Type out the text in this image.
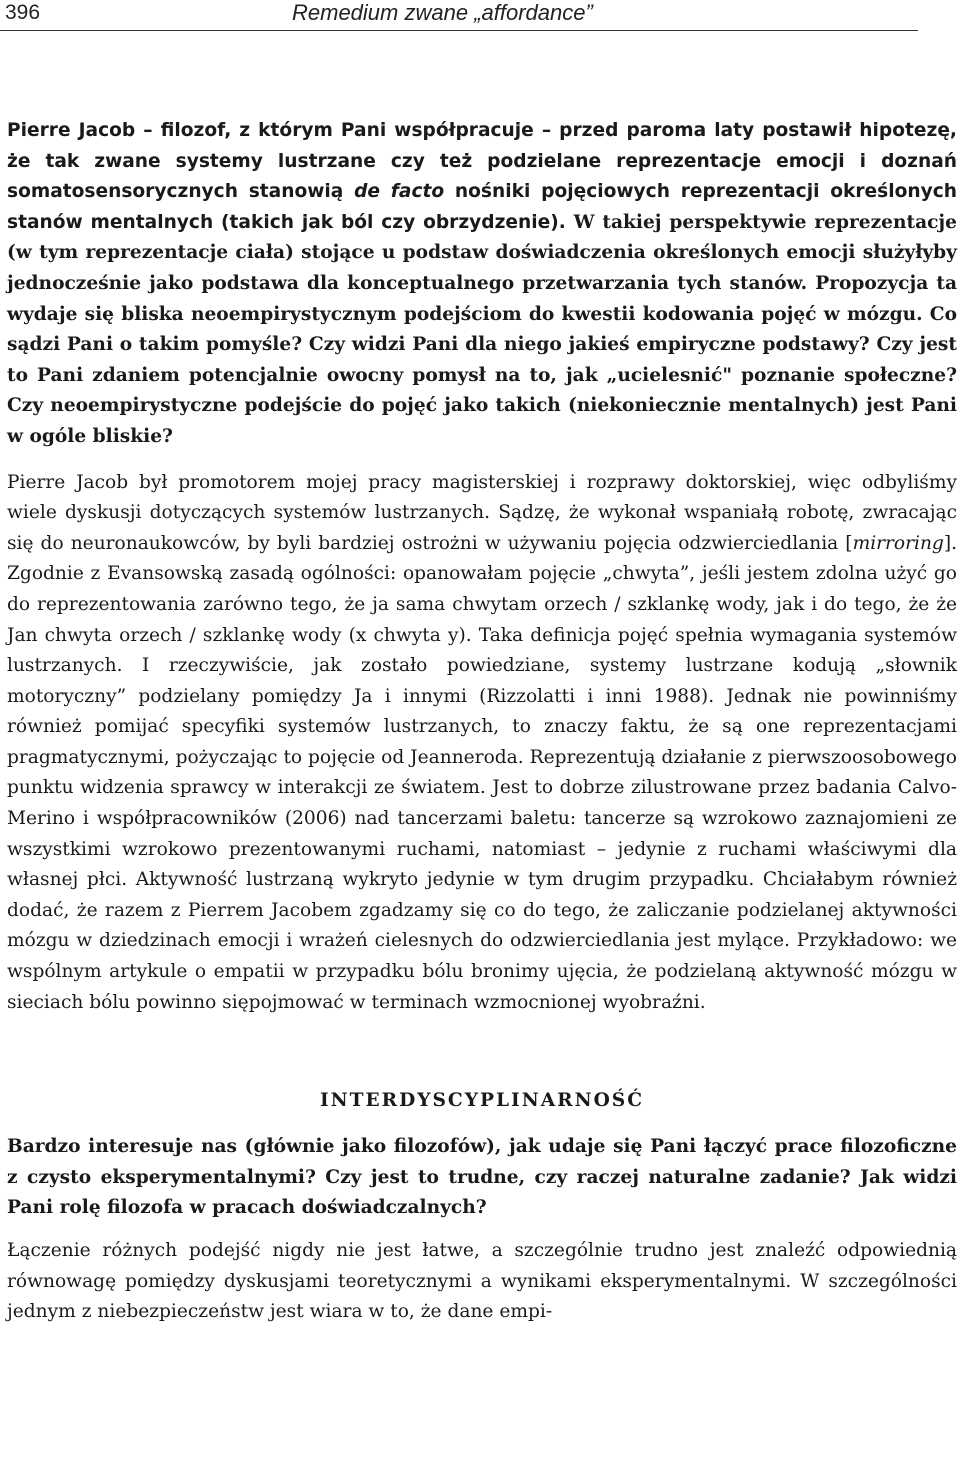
396	Remedium zwane „affordance”

Pierre Jacob – filozof, z którym Pani współpracuje – przed paroma laty postawił hipotezę, że tak zwane systemy lustrzane czy też podzielane reprezentacje emocji i doznań somatosensorycznych stanowią de facto nośniki pojęciowych reprezentacji określonych stanów mentalnych (takich jak ból czy obrzydzenie). W takiej perspektywie reprezentacje (w tym reprezentacje ciała) stojące u podstaw doświadczenia określonych emocji służyłyby jednocześnie jako podstawa dla konceptualnego przetwarzania tych stanów. Propozycja ta wydaje się bliska neoempirystycznym podejściom do kwestii kodowania pojęć w mózgu. Co sądzi Pani o takim pomyśle? Czy widzi Pani dla niego jakieś empiryczne podstawy? Czy jest to Pani zdaniem potencjalnie owocny pomysł na to, jak „ucielesnić" poznanie społeczne? Czy neoempirystyczne podejście do pojęć jako takich (niekoniecznie mentalnych) jest Pani w ogóle bliskie?

Pierre Jacob był promotorem mojej pracy magisterskiej i rozprawy doktorskiej, więc odbyliśmy wiele dyskusji dotyczących systemów lustrzanych. Sądzę, że wykonał wspaniałą robotę, zwracając się do neuronaukowców, by byli bardziej ostrożni w używaniu pojęcia odzwierciedlania [mirroring]. Zgodnie z Evansowską zasadą ogólności: opanowałam pojęcie „chwyta”, jeśli jestem zdolna użyć go do reprezentowania zarówno tego, że ja sama chwytam orzech / szklankę wody, jak i do tego, że że Jan chwyta orzech / szklankę wody (x chwyta y). Taka definicja pojęć spełnia wymagania systemów lustrzanych. I rzeczywiście, jak zostało powiedziane, systemy lustrzane kodują „słownik motoryczny” podzielany pomiędzy Ja i innymi (Rizzolatti i inni 1988). Jednak nie powinniśmy również pomijać specyfiki systemów lustrzanych, to znaczy faktu, że są one reprezentacjami pragmatycznymi, pożyczając to pojęcie od Jeanneroda. Reprezentują działanie z pierwszoosobowego punktu widzenia sprawcy w interakcji ze światem. Jest to dobrze zilustrowane przez badania Calvo-Merino i współpracowników (2006) nad tancerzami baletu: tancerze są wzrokowo zaznajomieni ze wszystkimi wzrokowo prezentowanymi ruchami, natomiast – jedynie z ruchami właściwymi dla własnej płci. Aktywność lustrzaną wykryto jedynie w tym drugim przypadku. Chciałabym również dodać, że razem z Pierrem Jacobem zgadzamy się co do tego, że zaliczanie podzielanej aktywności mózgu w dziedzinach emocji i wrażeń cielesnych do odzwierciedlania jest mylące. Przykładowo: we wspólnym artykule o empatii w przypadku bólu bronimy ujęcia, że podzielaną aktywność mózgu w sieciach bólu powinno siępojmować w terminach wzmocnionej wyobraźni.

INTERDYSCYPLINARNOŚĆ

Bardzo interesuje nas (głównie jako filozofów), jak udaje się Pani łączyć prace filozoficzne z czysto eksperymentalnymi? Czy jest to trudne, czy raczej naturalne zadanie? Jak widzi Pani rolę filozofa w pracach doświadczalnych?

Łączenie różnych podejść nigdy nie jest łatwe, a szczególnie trudno jest znaleźć odpowiednią równowagę pomiędzy dyskusjami teoretycznymi a wynikami eksperymentalnymi. W szczególności jednym z niebezpieczeństw jest wiara w to, że dane empi-
